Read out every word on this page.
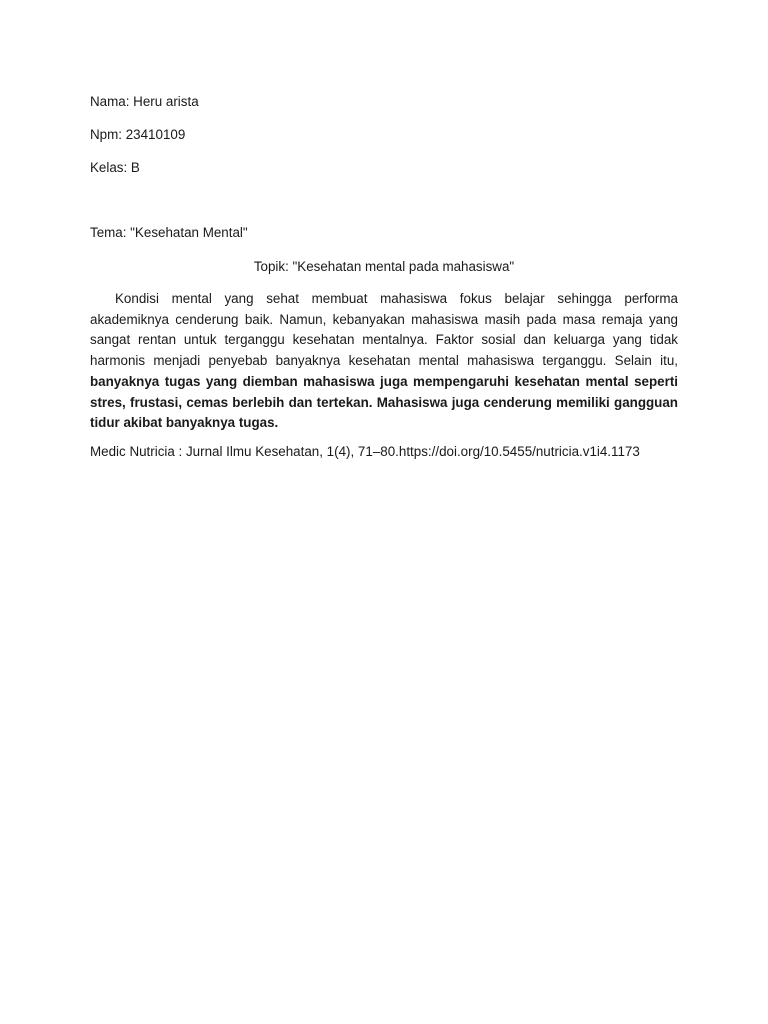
Nama: Heru arista
Npm: 23410109
Kelas: B
Tema: "Kesehatan Mental"
Topik: "Kesehatan mental pada mahasiswa"

Kondisi mental yang sehat membuat mahasiswa fokus belajar sehingga performa akademiknya cenderung baik. Namun, kebanyakan mahasiswa masih pada masa remaja yang sangat rentan untuk terganggu kesehatan mentalnya. Faktor sosial dan keluarga yang tidak harmonis menjadi penyebab banyaknya kesehatan mental mahasiswa terganggu. Selain itu, banyaknya tugas yang diemban mahasiswa juga mempengaruhi kesehatan mental seperti stres, frustasi, cemas berlebih dan tertekan. Mahasiswa juga cenderung memiliki gangguan tidur akibat banyaknya tugas.

Medic Nutricia : Jurnal Ilmu Kesehatan, 1(4), 71–80.https://doi.org/10.5455/nutricia.v1i4.1173
